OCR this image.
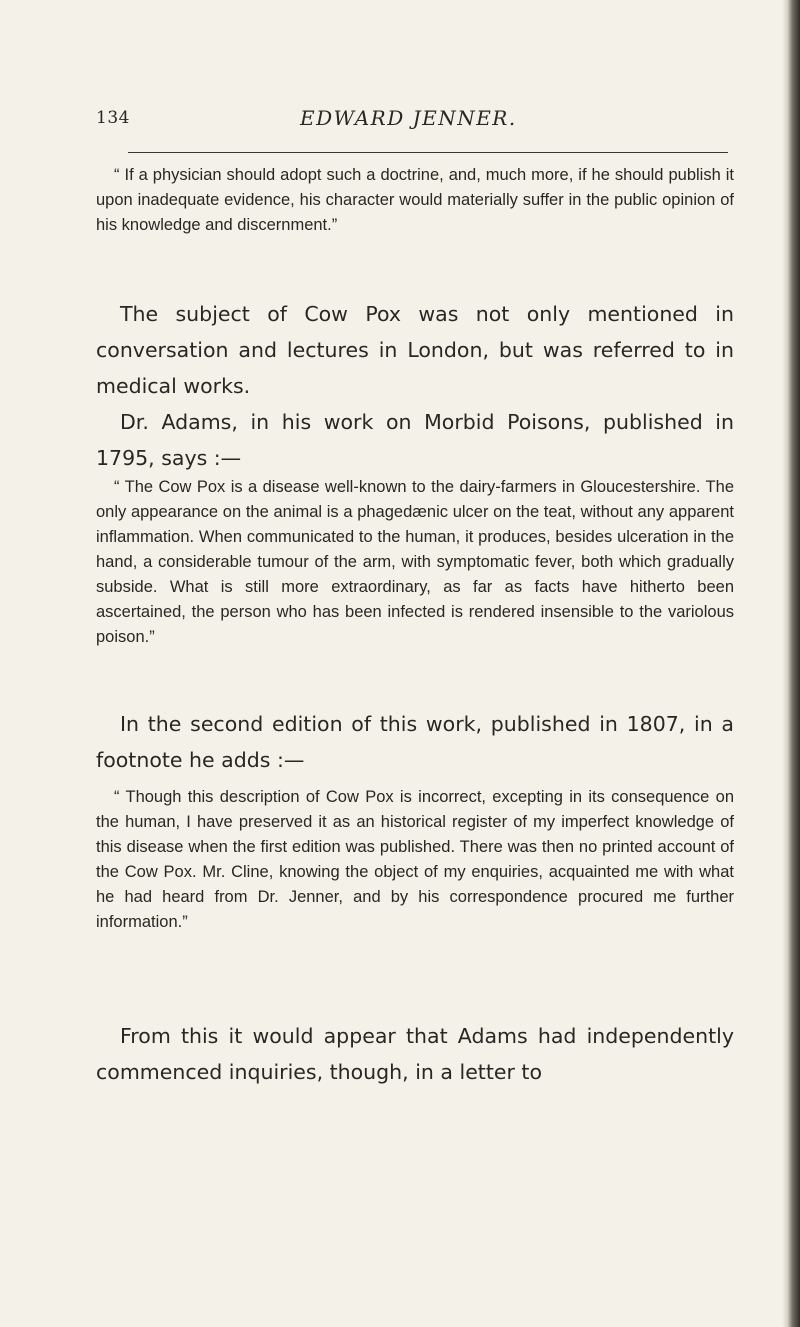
134	EDWARD JENNER.

“ If a physician should adopt such a doctrine, and, much more, if he should publish it upon inadequate evidence, his character would materially suffer in the public opinion of his knowledge and discernment.”

The subject of Cow Pox was not only mentioned in conversation and lectures in London, but was referred to in medical works.

Dr. Adams, in his work on Morbid Poisons, published in 1795, says :—

“ The Cow Pox is a disease well-known to the dairy-farmers in Gloucestershire. The only appearance on the animal is a phagedænic ulcer on the teat, without any apparent inflammation. When communicated to the human, it produces, besides ulceration in the hand, a considerable tumour of the arm, with symptomatic fever, both which gradually subside. What is still more extraordinary, as far as facts have hitherto been ascertained, the person who has been infected is rendered insensible to the variolous poison.”

In the second edition of this work, published in 1807, in a footnote he adds :—

“ Though this description of Cow Pox is incorrect, excepting in its consequence on the human, I have preserved it as an historical register of my imperfect knowledge of this disease when the first edition was published. There was then no printed account of the Cow Pox. Mr. Cline, knowing the object of my enquiries, acquainted me with what he had heard from Dr. Jenner, and by his correspondence procured me further information.”

From this it would appear that Adams had independently commenced inquiries, though, in a letter to
